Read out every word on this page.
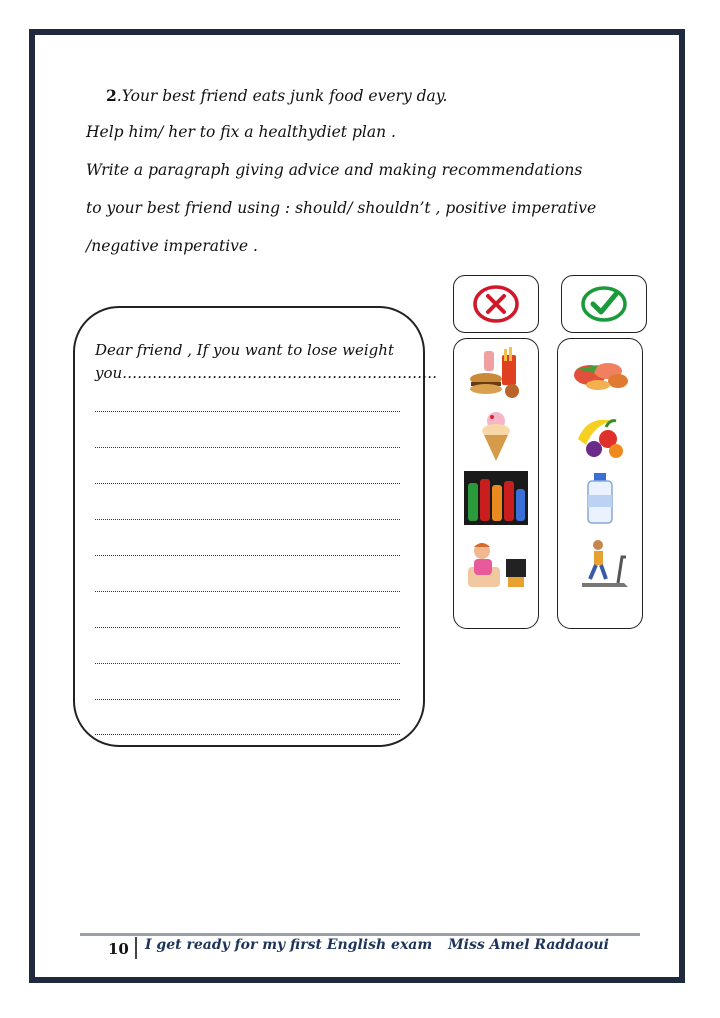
2.Your best friend eats junk food every day.
Help him/ her to fix a healthydiet plan .
Write a paragraph giving advice and making recommendations
to your best friend using : should/ shouldn’t , positive imperative
/negative imperative .
Dear friend , If you want to lose weight
you………………………………………………………
10 I get ready for my first English exam Miss Amel Raddaoui
